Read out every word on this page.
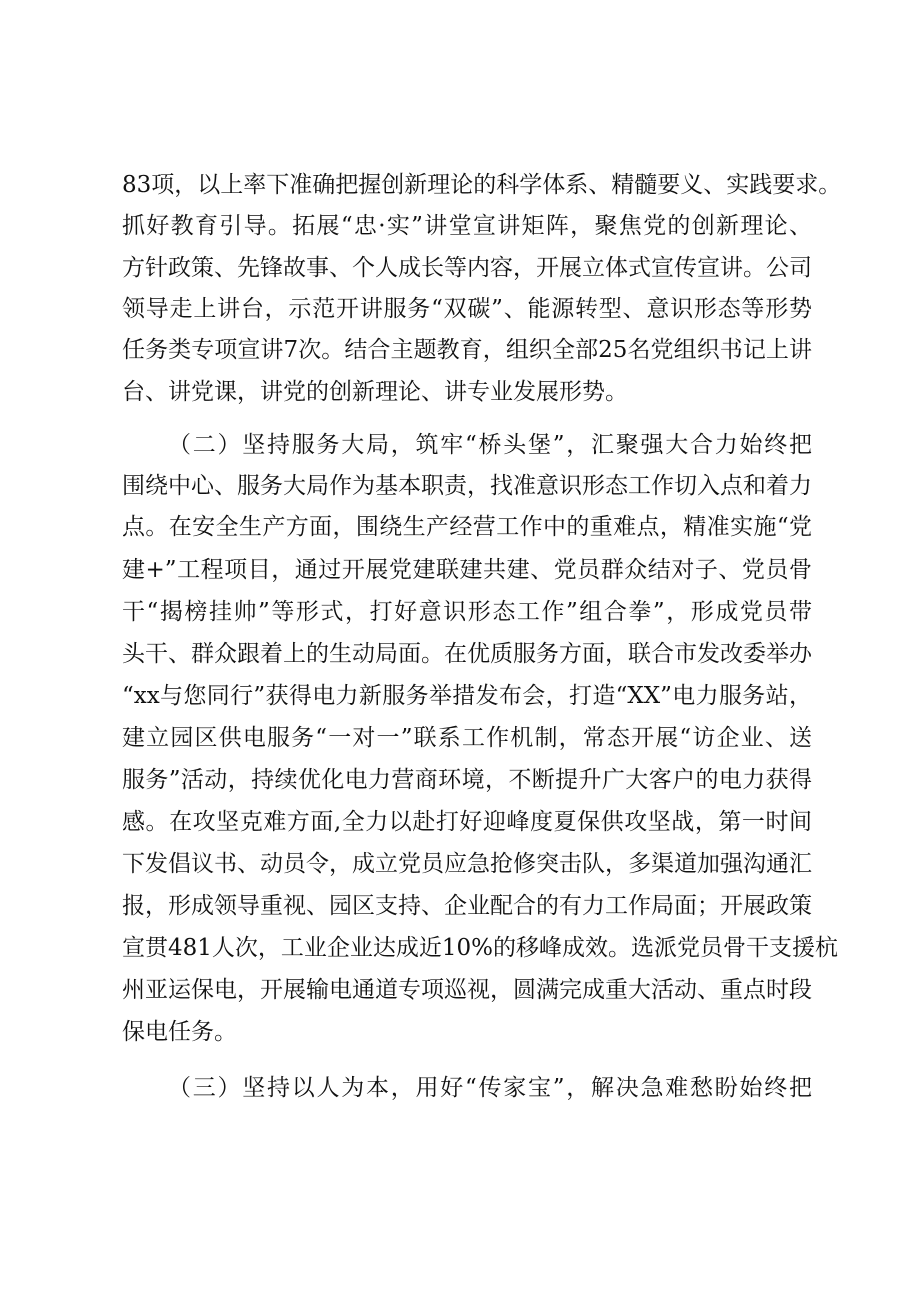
83项，以上率下准确把握创新理论的科学体系、精髓要义、实践要求。
抓好教育引导。拓展“忠·实”讲堂宣讲矩阵，聚焦党的创新理论、
方针政策、先锋故事、个人成长等内容，开展立体式宣传宣讲。公司
领导走上讲台，示范开讲服务“双碳”、能源转型、意识形态等形势
任务类专项宣讲7次。结合主题教育，组织全部25名党组织书记上讲
台、讲党课，讲党的创新理论、讲专业发展形势。
（二）坚持服务大局，筑牢“桥头堡”，汇聚强大合力始终把
围绕中心、服务大局作为基本职责，找准意识形态工作切入点和着力
点。在安全生产方面，围绕生产经营工作中的重难点，精准实施“党
建+”工程项目，通过开展党建联建共建、党员群众结对子、党员骨
干“揭榜挂帅”等形式，打好意识形态工作”组合拳”，形成党员带
头干、群众跟着上的生动局面。在优质服务方面，联合市发改委举办
“xx与您同行”获得电力新服务举措发布会，打造“XX”电力服务站，
建立园区供电服务“一对一”联系工作机制，常态开展“访企业、送
服务”活动，持续优化电力营商环境，不断提升广大客户的电力获得
感。在攻坚克难方面,全力以赴打好迎峰度夏保供攻坚战，第一时间
下发倡议书、动员令，成立党员应急抢修突击队，多渠道加强沟通汇
报，形成领导重视、园区支持、企业配合的有力工作局面；开展政策
宣贯481人次，工业企业达成近10%的移峰成效。选派党员骨干支援杭
州亚运保电，开展输电通道专项巡视，圆满完成重大活动、重点时段
保电任务。
（三）坚持以人为本，用好“传家宝”，解决急难愁盼始终把
